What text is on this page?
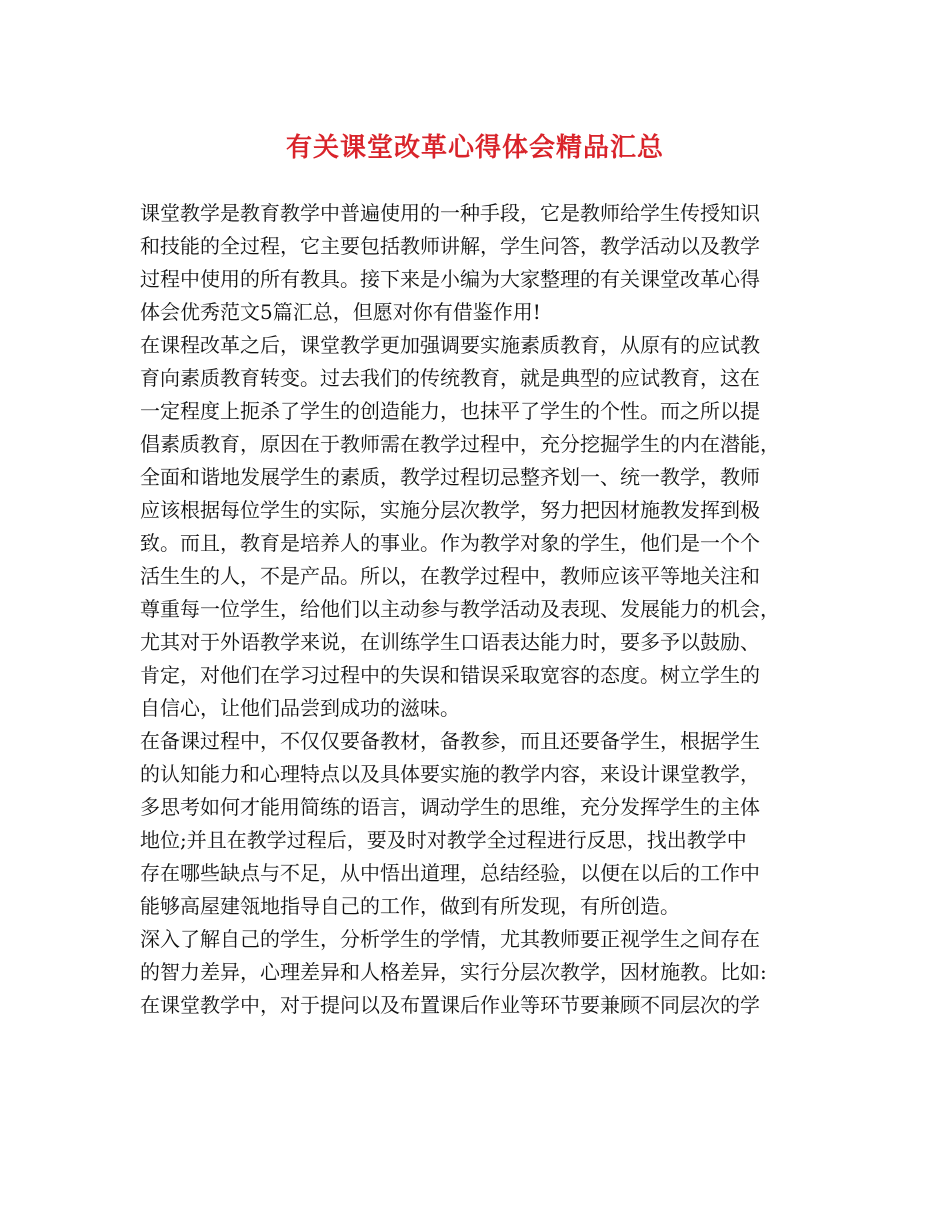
有关课堂改革心得体会精品汇总
课堂教学是教育教学中普遍使用的一种手段，它是教师给学生传授知识
和技能的全过程，它主要包括教师讲解，学生问答，教学活动以及教学
过程中使用的所有教具。接下来是小编为大家整理的有关课堂改革心得
体会优秀范文5篇汇总，但愿对你有借鉴作用!
在课程改革之后，课堂教学更加强调要实施素质教育，从原有的应试教
育向素质教育转变。过去我们的传统教育，就是典型的应试教育，这在
一定程度上扼杀了学生的创造能力，也抹平了学生的个性。而之所以提
倡素质教育，原因在于教师需在教学过程中，充分挖掘学生的内在潜能，
全面和谐地发展学生的素质，教学过程切忌整齐划一、统一教学，教师
应该根据每位学生的实际，实施分层次教学，努力把因材施教发挥到极
致。而且，教育是培养人的事业。作为教学对象的学生，他们是一个个
活生生的人，不是产品。所以，在教学过程中，教师应该平等地关注和
尊重每一位学生，给他们以主动参与教学活动及表现、发展能力的机会，
尤其对于外语教学来说，在训练学生口语表达能力时，要多予以鼓励、
肯定，对他们在学习过程中的失误和错误采取宽容的态度。树立学生的
自信心，让他们品尝到成功的滋味。
在备课过程中，不仅仅要备教材，备教参，而且还要备学生，根据学生
的认知能力和心理特点以及具体要实施的教学内容，来设计课堂教学，
多思考如何才能用简练的语言，调动学生的思维，充分发挥学生的主体
地位;并且在教学过程后，要及时对教学全过程进行反思，找出教学中
存在哪些缺点与不足，从中悟出道理，总结经验，以便在以后的工作中
能够高屋建瓴地指导自己的工作，做到有所发现，有所创造。
深入了解自己的学生，分析学生的学情，尤其教师要正视学生之间存在
的智力差异，心理差异和人格差异，实行分层次教学，因材施教。比如:
在课堂教学中，对于提问以及布置课后作业等环节要兼顾不同层次的学
